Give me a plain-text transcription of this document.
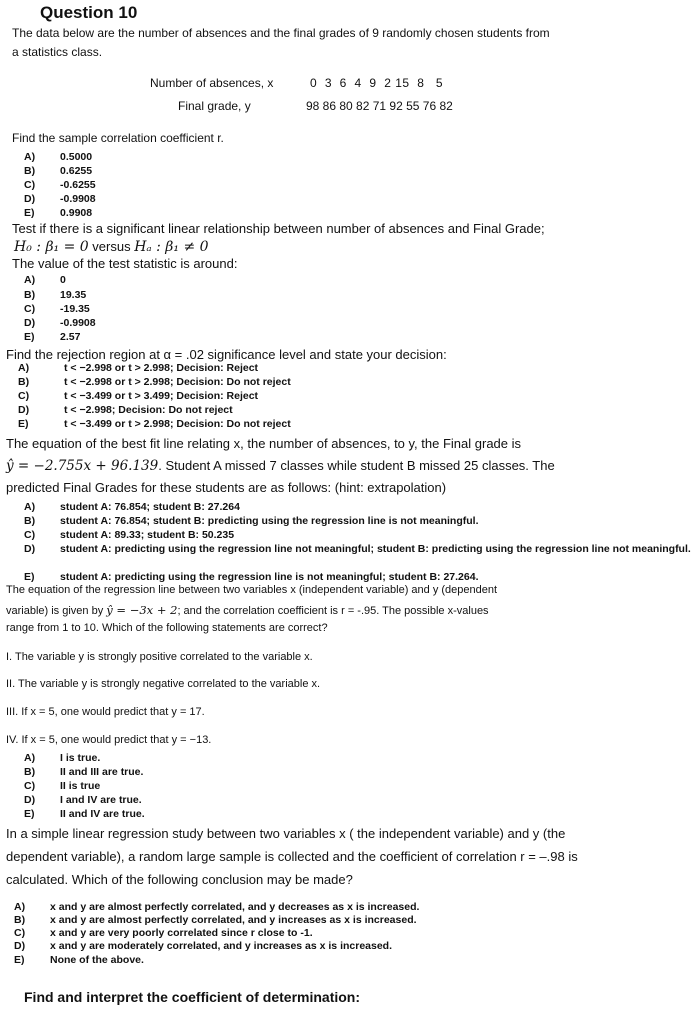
Question 10
The data below are the number of absences and the final grades of 9 randomly chosen students from
a statistics class.
Number of absences, x	0  3  6  4  9  2 15  8   5
Final grade, y	98 86 80 82 71 92 55 76 82
Find the sample correlation coefficient r.
A) 0.5000
B) 0.6255
C) -0.6255
D) -0.9908
E) 0.9908
Test if there is a significant linear relationship between number of absences and Final Grade;
H₀ : β₁ = 0 versus Hₐ : β₁ ≠ 0
The value of the test statistic is around:
A) 0
B) 19.35
C) -19.35
D) -0.9908
E) 2.57
Find the rejection region at α = .02 significance level and state your decision:
A)	t < −2.998 or t > 2.998; Decision: Reject
B)	t < −2.998 or t > 2.998; Decision: Do not reject
C)	t < −3.499 or t > 3.499; Decision: Reject
D)	t < −2.998; Decision: Do not reject
E)	t < −3.499 or t > 2.998; Decision: Do not reject
The equation of the best fit line relating x, the number of absences, to y, the Final grade is
ŷ = −2.755x + 96.139. Student A missed 7 classes while student B missed 25 classes. The
predicted Final Grades for these students are as follows: (hint: extrapolation)
A) student A: 76.854; student B: 27.264
B) student A: 76.854; student B: predicting using the regression line is not meaningful.
C) student A: 89.33; student B: 50.235
D)	student A: predicting using the regression line not meaningful; student B: predicting using the regression line not meaningful.
E) student A: predicting using the regression line is not meaningful; student B: 27.264.
The equation of the regression line between two variables x (independent variable) and y (dependent
variable) is given by ŷ = −3x + 2; and the correlation coefficient is r = -.95. The possible x-values
range from 1 to 10. Which of the following statements are correct?
I. The variable y is strongly positive correlated to the variable x.
II. The variable y is strongly negative correlated to the variable x.
III. If x = 5, one would predict that y = 17.
IV. If x = 5, one would predict that y = −13.
A) I is true.
B) II and III are true.
C) II is true
D) I and IV are true.
E) II and IV are true.
In a simple linear regression study between two variables x ( the independent variable) and y (the
dependent variable), a random large sample is collected and the coefficient of correlation r = –.98 is
calculated. Which of the following conclusion may be made?
A) x and y are almost perfectly correlated, and y decreases as x is increased.
B) x and y are almost perfectly correlated, and y increases as x is increased.
C) x and y are very poorly correlated since r close to -1.
D) x and y are moderately correlated, and y increases as x is increased.
E) None of the above.
Find and interpret the coefficient of determination:
